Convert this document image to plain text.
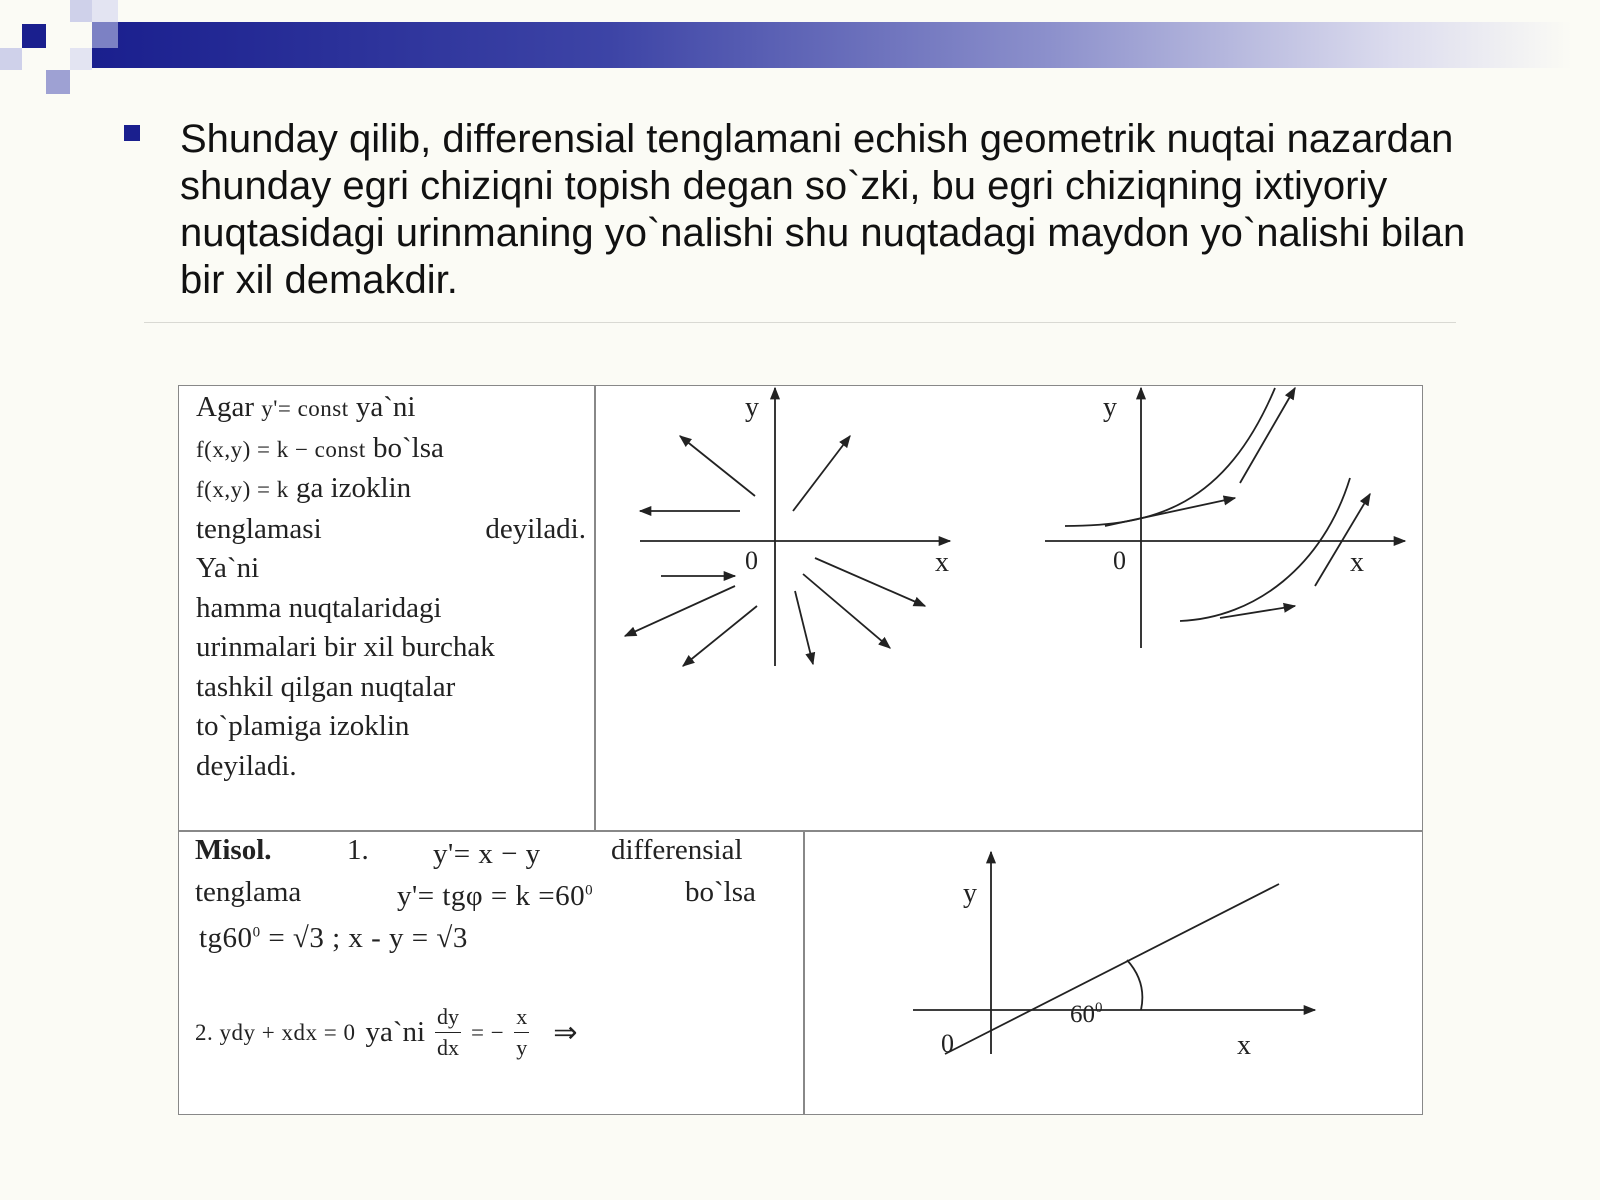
Shunday qilib, differensial tenglamani echish geometrik nuqtai nazardan shunday egri chiziqni topish degan so`zki, bu egri chiziqning ixtiyoriy nuqtasidagi urinmaning yo`nalishi shu nuqtadagi maydon yo`nalishi bilan bir xil demakdir.
Agar y'= const ya`ni
f(x,y) = k − const bo`lsa
f(x,y) = k ga izoklin
tenglamasi	deyiladi.
Ya`ni
hamma nuqtalaridagi
urinmalari bir xil burchak
tashkil qilgan nuqtalar
to`plamiga izoklin
deyiladi.
y
x
0
y
x
0
Misol.	1. y'= x − y differensial
tenglama	$y'= tg\varphi = k =60^0$	bo`lsa
$tg60^0 = √3$ ; x - y = √3
2. ydy + xdx = 0 ya`ni $\frac{dy}{dx}$ = − $\frac{x}{y}$ ⇒
y
x
0
$60^0$
